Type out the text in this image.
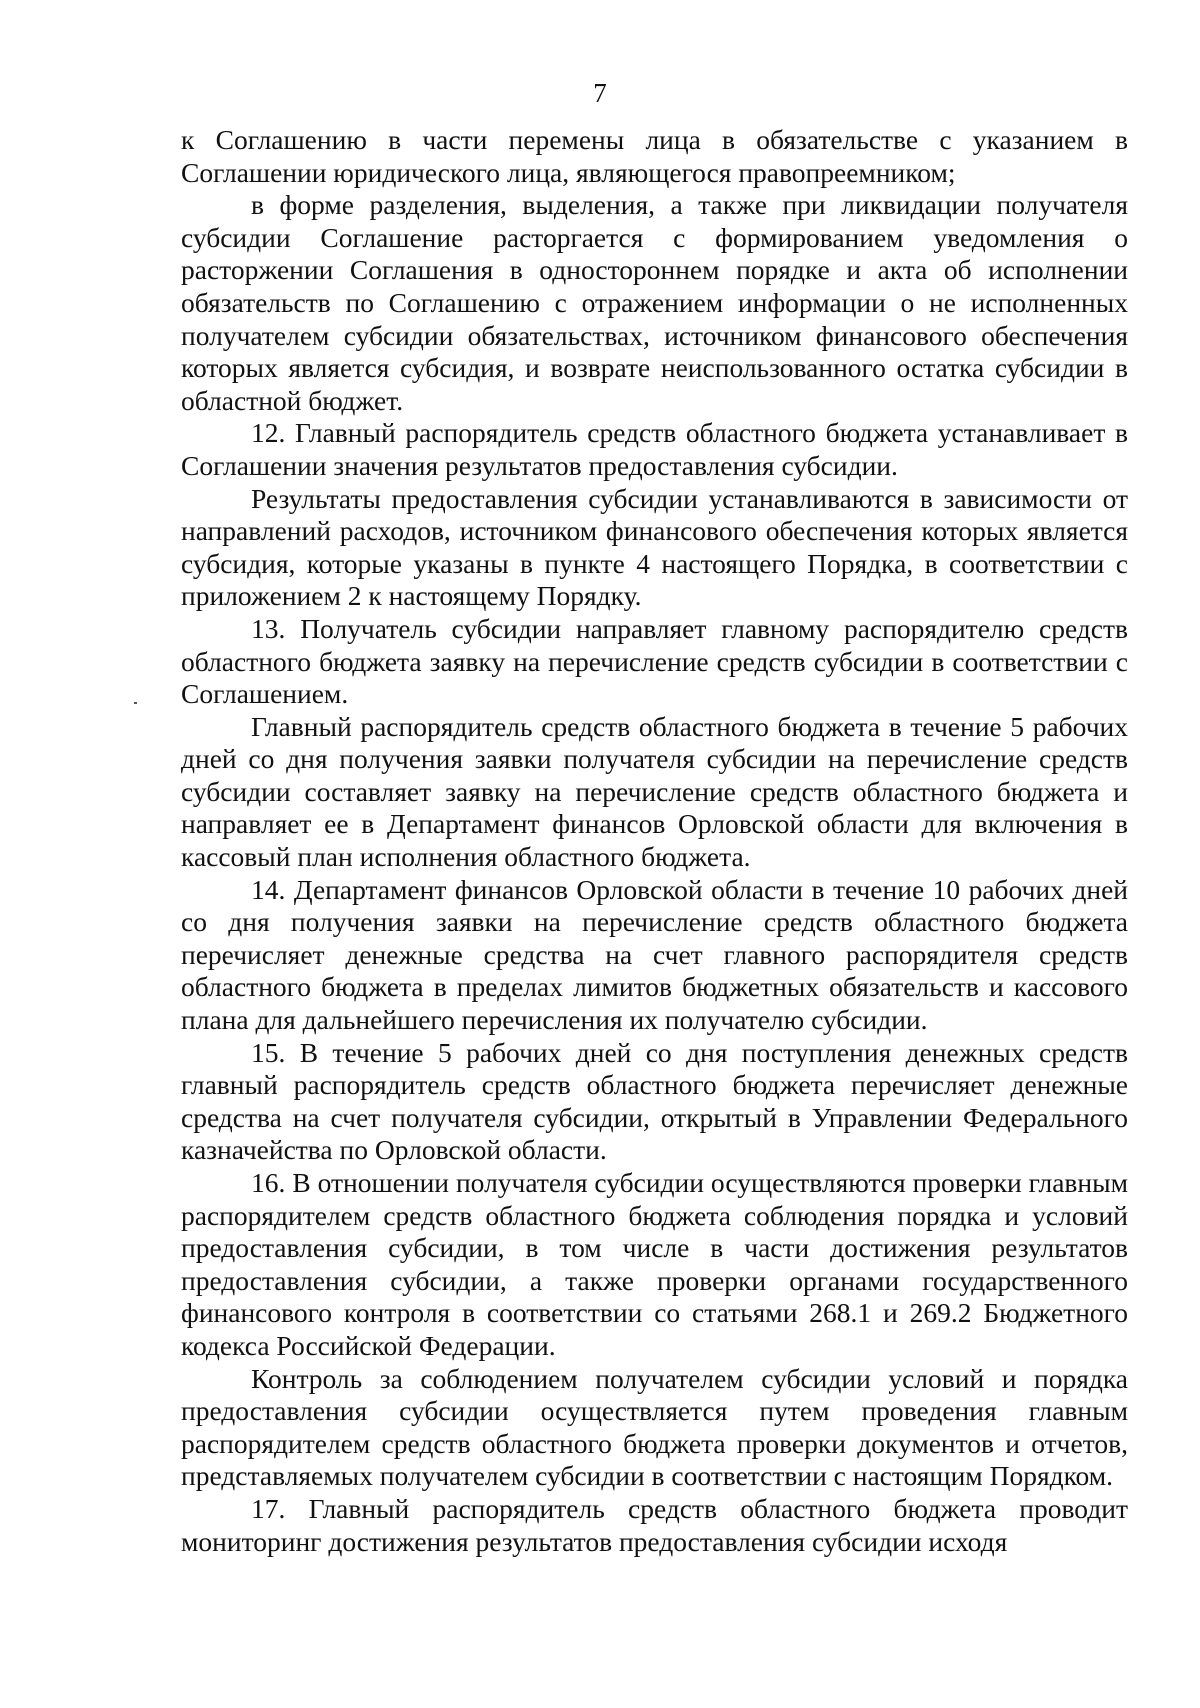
7

к Соглашению в части перемены лица в обязательстве с указанием в Соглашении юридического лица, являющегося правопреемником;

в форме разделения, выделения, а также при ликвидации получателя субсидии Соглашение расторгается с формированием уведомления о расторжении Соглашения в одностороннем порядке и акта об исполнении обязательств по Соглашению с отражением информации о не исполненных получателем субсидии обязательствах, источником финансового обеспечения которых является субсидия, и возврате неиспользованного остатка субсидии в областной бюджет.

12. Главный распорядитель средств областного бюджета устанавливает в Соглашении значения результатов предоставления субсидии.

Результаты предоставления субсидии устанавливаются в зависимости от направлений расходов, источником финансового обеспечения которых является субсидия, которые указаны в пункте 4 настоящего Порядка, в соответствии с приложением 2 к настоящему Порядку.

13. Получатель субсидии направляет главному распорядителю средств областного бюджета заявку на перечисление средств субсидии в соответствии с Соглашением.

Главный распорядитель средств областного бюджета в течение 5 рабочих дней со дня получения заявки получателя субсидии на перечисление средств субсидии составляет заявку на перечисление средств областного бюджета и направляет ее в Департамент финансов Орловской области для включения в кассовый план исполнения областного бюджета.

14. Департамент финансов Орловской области в течение 10 рабочих дней со дня получения заявки на перечисление средств областного бюджета перечисляет денежные средства на счет главного распорядителя средств областного бюджета в пределах лимитов бюджетных обязательств и кассового плана для дальнейшего перечисления их получателю субсидии.

15. В течение 5 рабочих дней со дня поступления денежных средств главный распорядитель средств областного бюджета перечисляет денежные средства на счет получателя субсидии, открытый в Управлении Федерального казначейства по Орловской области.

16. В отношении получателя субсидии осуществляются проверки главным распорядителем средств областного бюджета соблюдения порядка и условий предоставления субсидии, в том числе в части достижения результатов предоставления субсидии, а также проверки органами государственного финансового контроля в соответствии со статьями 268.1 и 269.2 Бюджетного кодекса Российской Федерации.

Контроль за соблюдением получателем субсидии условий и порядка предоставления субсидии осуществляется путем проведения главным распорядителем средств областного бюджета проверки документов и отчетов, представляемых получателем субсидии в соответствии с настоящим Порядком.

17. Главный распорядитель средств областного бюджета проводит мониторинг достижения результатов предоставления субсидии исходя
